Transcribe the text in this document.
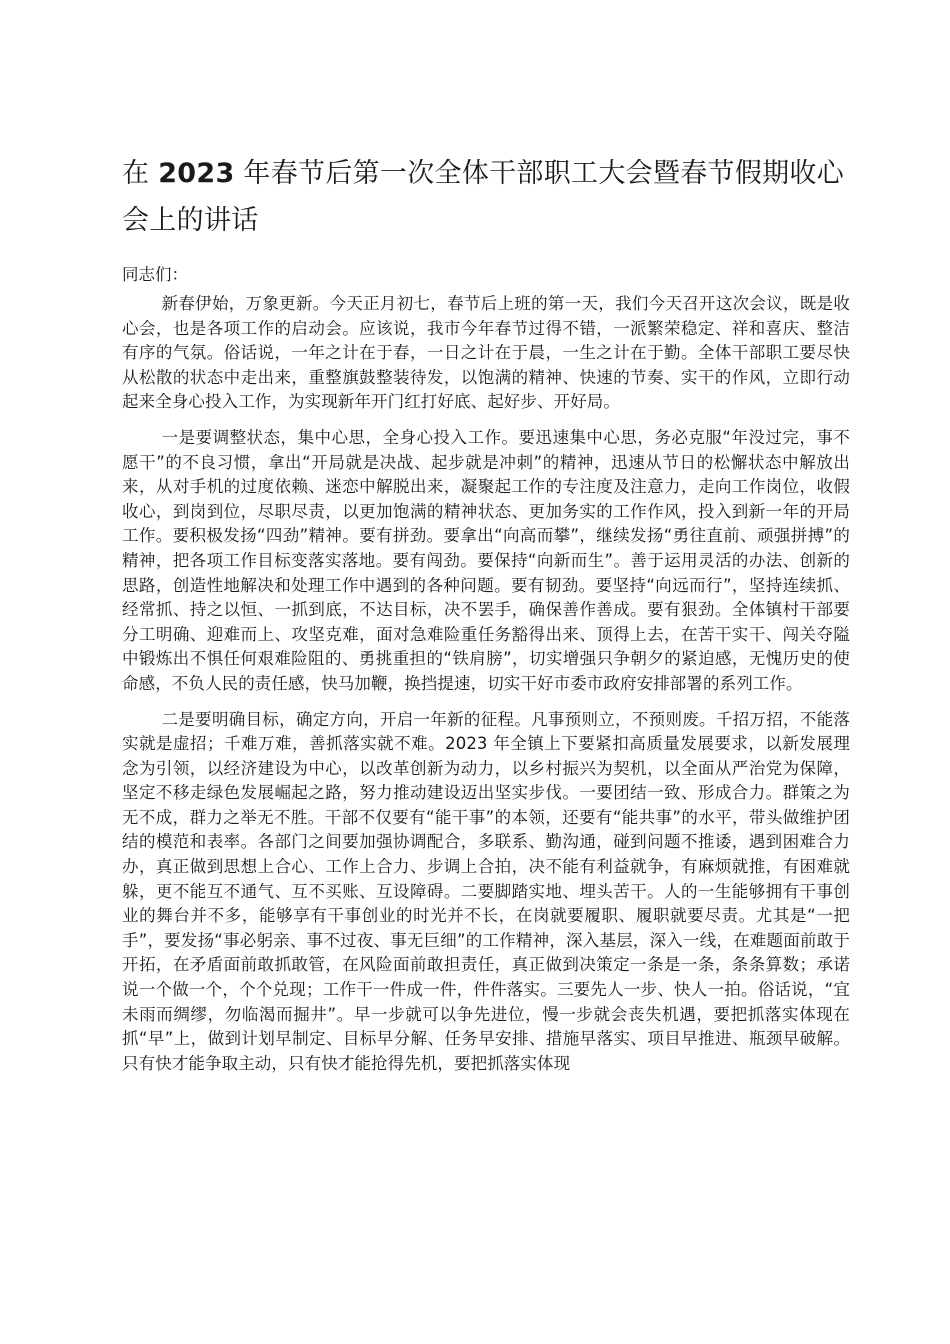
在 2023 年春节后第一次全体干部职工大会暨春节假期收心会上的讲话

同志们：

新春伊始，万象更新。今天正月初七，春节后上班的第一天，我们今天召开这次会议，既是收心会，也是各项工作的启动会。应该说，我市今年春节过得不错，一派繁荣稳定、祥和喜庆、整洁有序的气氛。俗话说，一年之计在于春，一日之计在于晨，一生之计在于勤。全体干部职工要尽快从松散的状态中走出来，重整旗鼓整装待发，以饱满的精神、快速的节奏、实干的作风，立即行动起来全身心投入工作，为实现新年开门红打好底、起好步、开好局。

一是要调整状态，集中心思，全身心投入工作。要迅速集中心思，务必克服“年没过完，事不愿干”的不良习惯，拿出“开局就是决战、起步就是冲刺”的精神，迅速从节日的松懈状态中解放出来，从对手机的过度依赖、迷恋中解脱出来，凝聚起工作的专注度及注意力，走向工作岗位，收假收心，到岗到位，尽职尽责，以更加饱满的精神状态、更加务实的工作作风，投入到新一年的开局工作。要积极发扬“四劲”精神。要有拼劲。要拿出“向高而攀”，继续发扬“勇往直前、顽强拼搏”的精神，把各项工作目标变落实落地。要有闯劲。要保持“向新而生”。善于运用灵活的办法、创新的思路，创造性地解决和处理工作中遇到的各种问题。要有韧劲。要坚持“向远而行”，坚持连续抓、经常抓、持之以恒、一抓到底，不达目标，决不罢手，确保善作善成。要有狠劲。全体镇村干部要分工明确、迎难而上、攻坚克难，面对急难险重任务豁得出来、顶得上去，在苦干实干、闯关夺隘中锻炼出不惧任何艰难险阻的、勇挑重担的“铁肩膀”，切实增强只争朝夕的紧迫感，无愧历史的使命感，不负人民的责任感，快马加鞭，换挡提速，切实干好市委市政府安排部署的系列工作。

二是要明确目标，确定方向，开启一年新的征程。凡事预则立，不预则废。千招万招，不能落实就是虚招；千难万难，善抓落实就不难。2023 年全镇上下要紧扣高质量发展要求，以新发展理念为引领，以经济建设为中心，以改革创新为动力，以乡村振兴为契机，以全面从严治党为保障，坚定不移走绿色发展崛起之路，努力推动建设迈出坚实步伐。一要团结一致、形成合力。群策之为无不成，群力之举无不胜。干部不仅要有“能干事”的本领，还要有“能共事”的水平，带头做维护团结的模范和表率。各部门之间要加强协调配合，多联系、勤沟通，碰到问题不推诿，遇到困难合力办，真正做到思想上合心、工作上合力、步调上合拍，决不能有利益就争，有麻烦就推，有困难就躲，更不能互不通气、互不买账、互设障碍。二要脚踏实地、埋头苦干。人的一生能够拥有干事创业的舞台并不多，能够享有干事创业的时光并不长，在岗就要履职、履职就要尽责。尤其是“一把手”，要发扬“事必躬亲、事不过夜、事无巨细”的工作精神，深入基层，深入一线，在难题面前敢于开拓，在矛盾面前敢抓敢管，在风险面前敢担责任，真正做到决策定一条是一条，条条算数；承诺说一个做一个，个个兑现；工作干一件成一件，件件落实。三要先人一步、快人一拍。俗话说，“宜未雨而绸缪，勿临渴而掘井”。早一步就可以争先进位，慢一步就会丧失机遇，要把抓落实体现在抓“早”上，做到计划早制定、目标早分解、任务早安排、措施早落实、项目早推进、瓶颈早破解。只有快才能争取主动，只有快才能抢得先机，要把抓落实体现
